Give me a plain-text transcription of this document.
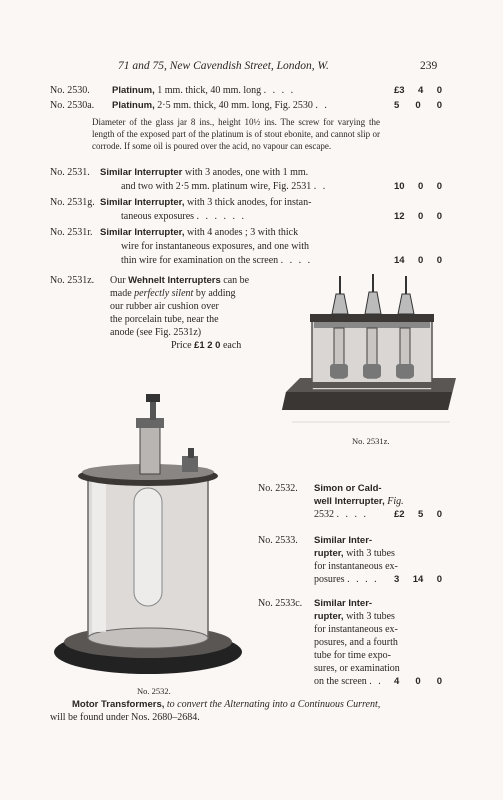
71 and 75, New Cavendish Street, London, W.	239
No. 2530. Platinum, 1 mm. thick, 40 mm. long . . . .	£3 4 0
No. 2530a. Platinum, 2·5 mm. thick, 40 mm. long, Fig. 2530 . .	5 0 0
Diameter of the glass jar 8 ins., height 10½ ins. The screw for varying the length of the exposed part of the platinum is of stout ebonite, and cannot slip or corrode. If some oil is poured over the acid, no vapour can escape.
No. 2531. Similar Interrupter with 3 anodes, one with 1 mm.
and two with 2·5 mm. platinum wire, Fig. 2531 . .	10 0 0
No. 2531g. Similar Interrupter, with 3 thick anodes, for instan-
taneous exposures . . . . . .	12 0 0
No. 2531r. Similar Interrupter, with 4 anodes ; 3 with thick
wire for instantaneous exposures, and one with
thin wire for examination on the screen . . . .	14 0 0
No. 2531z. Our Wehnelt Interrupters can be
made perfectly silent by adding
our rubber air cushion over
the porcelain tube, near the
anode (see Fig. 2531z)
Price £1 2 0 each
No. 2531z.
No. 2532.
No. 2532. Simon or Cald-
well Interrupter, Fig.
2532 . . . .	£2 5 0
No. 2533. Similar Inter-
rupter, with 3 tubes
for instantaneous ex-
posures . . . .	3 14 0
No. 2533c. Similar Inter-
rupter, with 3 tubes
for instantaneous ex-
posures, and a fourth
tube for time expo-
sures, or examination
on the screen . .	4 0 0
Motor Transformers, to convert the Alternating into a Continuous Current,
will be found under Nos. 2680–2684.
